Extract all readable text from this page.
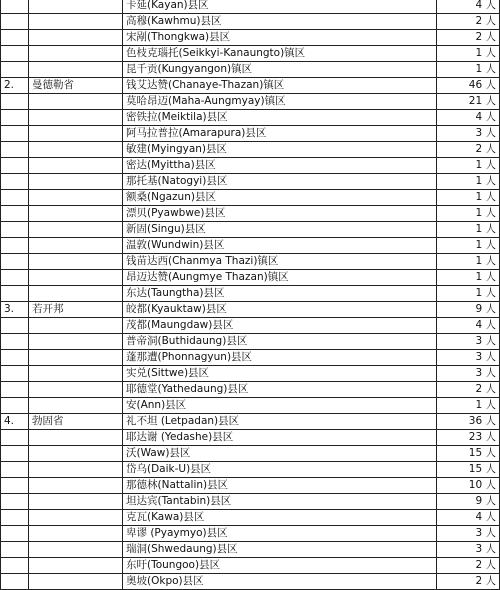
		卡延(Kayan)县区	4 人
		高穆(Kawhmu)县区	2 人
		宋剐(Thongkwa)县区	2 人
		色枝克瑙托(Seikkyi-Kanaungto)镇区	1 人
		昆千贡(Kungyangon)镇区	1 人
2.	曼德勒省	钱艾达赞(Chanaye-Thazan)镇区	46 人
		莫哈昂迈(Maha-Aungmyay)镇区	21 人
		密铁拉(Meiktila)县区	4 人
		阿马拉普拉(Amarapura)县区	3 人
		敏建(Myingyan)县区	2 人
		密达(Myittha)县区	1 人
		那托基(Natogyi)县区	1 人
		额桑(Ngazun)县区	1 人
		漂贝(Pyawbwe)县区	1 人
		新固(Singu)县区	1 人
		温敦(Wundwin)县区	1 人
		钱苗达西(Chanmya Thazi)镇区	1 人
		昂迈达赞(Aungmye Thazan)镇区	1 人
		东达(Taungtha)县区	1 人
3.	若开邦	皎都(Kyauktaw)县区	9 人
		茂都(Maungdaw)县区	4 人
		普帝洞(Buthidaung)县区	3 人
		蓬那遭(Phonnagyun)县区	3 人
		实兑(Sittwe)县区	3 人
		耶德堂(Yathedaung)县区	2 人
		安(Ann)县区	1 人
4.	勃固省	礼不坦 (Letpadan)县区	36 人
		耶达谢 (Yedashe)县区	23 人
		沃(Waw)县区	15 人
		岱乌(Daik-U)县区	15 人
		那德林(Nattalin)县区	10 人
		坦达宾(Tantabin)县区	9 人
		克瓦(Kawa)县区	4 人
		卑谬 (Pyaymyo)县区	3 人
		瑞洞(Shwedaung)县区	3 人
		东吁(Toungoo)县区	2 人
		奥坡(Okpo)县区	2 人
